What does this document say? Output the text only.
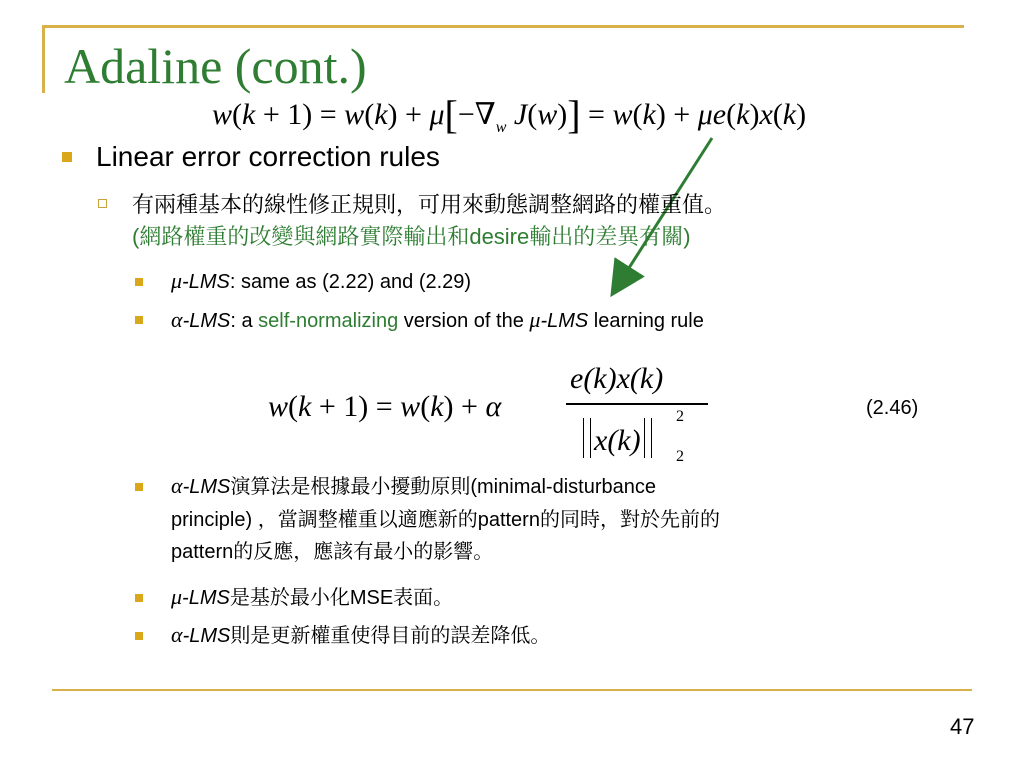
Adaline (cont.)
$w(k + 1) = w(k) + \mu[-\nabla_w$ J(w)] = w(k) + μe(k)x(k)
Linear error correction rules
有兩種基本的線性修正規則，可用來動態調整網路的權重值。
(網路權重的改變與網路實際輸出和desire輸出的差異有關)
μ-LMS: same as (2.22) and (2.29)
α-LMS: a self-normalizing version of the μ-LMS learning rule
w(k + 1) = w(k) + α
e(k)x(k)
x(k)
2
2
(2.46)
α-LMS演算法是根據最小擾動原則(minimal-disturbance
principle) ，當調整權重以適應新的pattern的同時，對於先前的
pattern的反應，應該有最小的影響。
μ-LMS是基於最小化MSE表面。
α-LMS則是更新權重使得目前的誤差降低。
47
